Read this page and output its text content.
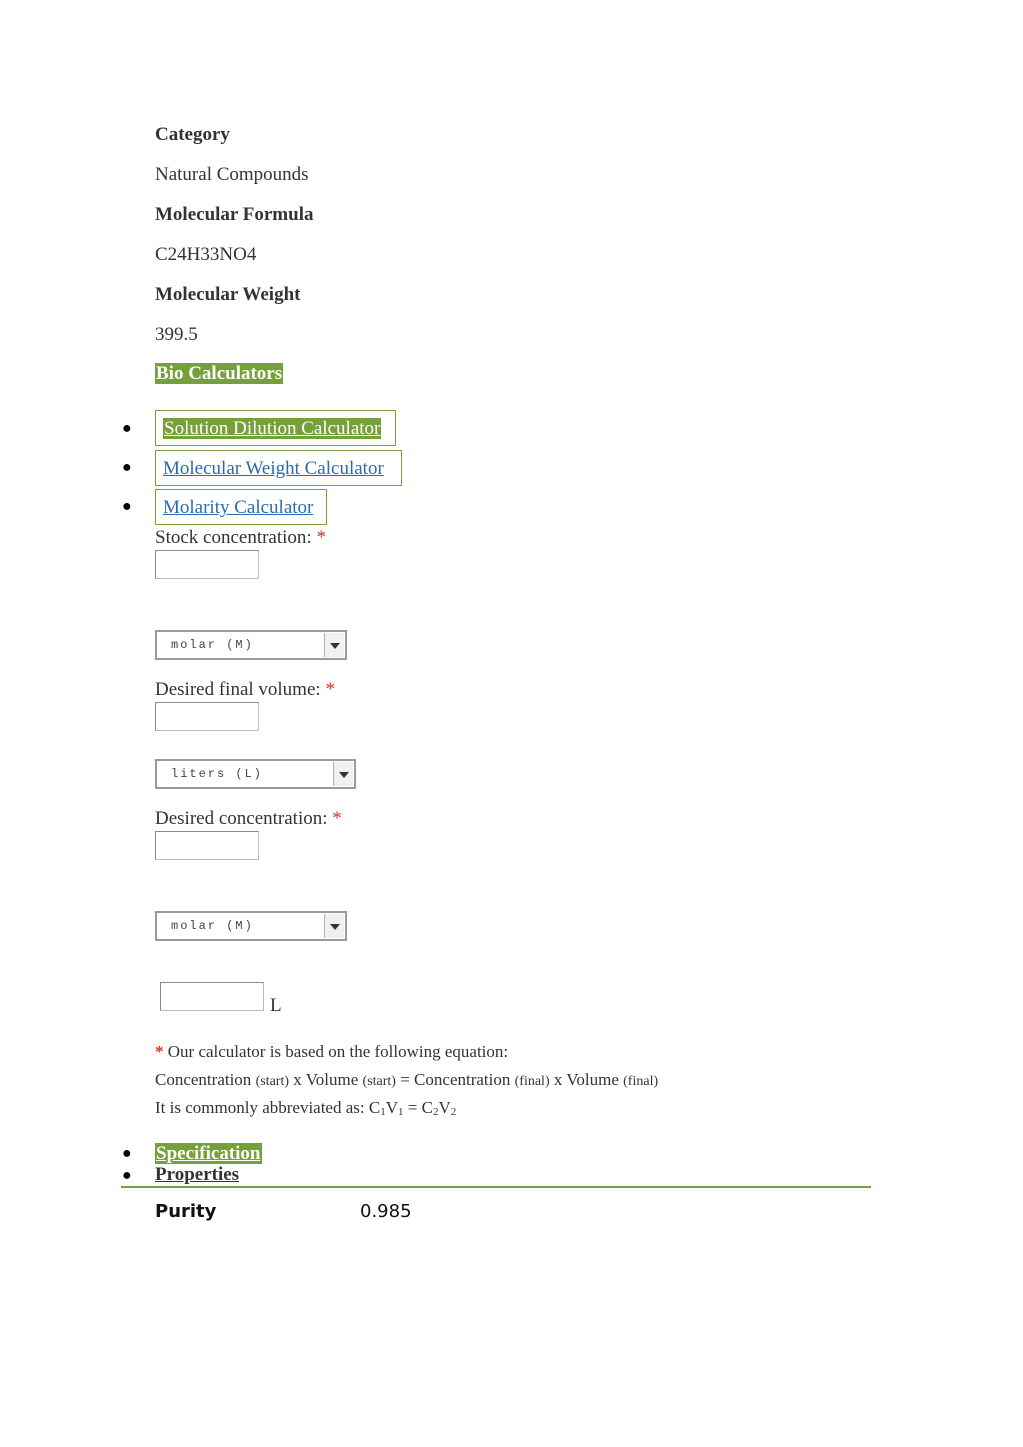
Category
Natural Compounds
Molecular Formula
C24H33NO4
Molecular Weight
399.5
Bio Calculators
●	Solution Dilution Calculator
●	Molecular Weight Calculator
●	Molarity Calculator
Stock concentration: *
molar (M)
Desired final volume: *
liters (L)
Desired concentration: *
molar (M)
L
* Our calculator is based on the following equation:
Concentration (start) x Volume (start) = Concentration (final) x Volume (final)
It is commonly abbreviated as: C1V1 = C2V2
● Specification
● Properties
Purity	0.985
